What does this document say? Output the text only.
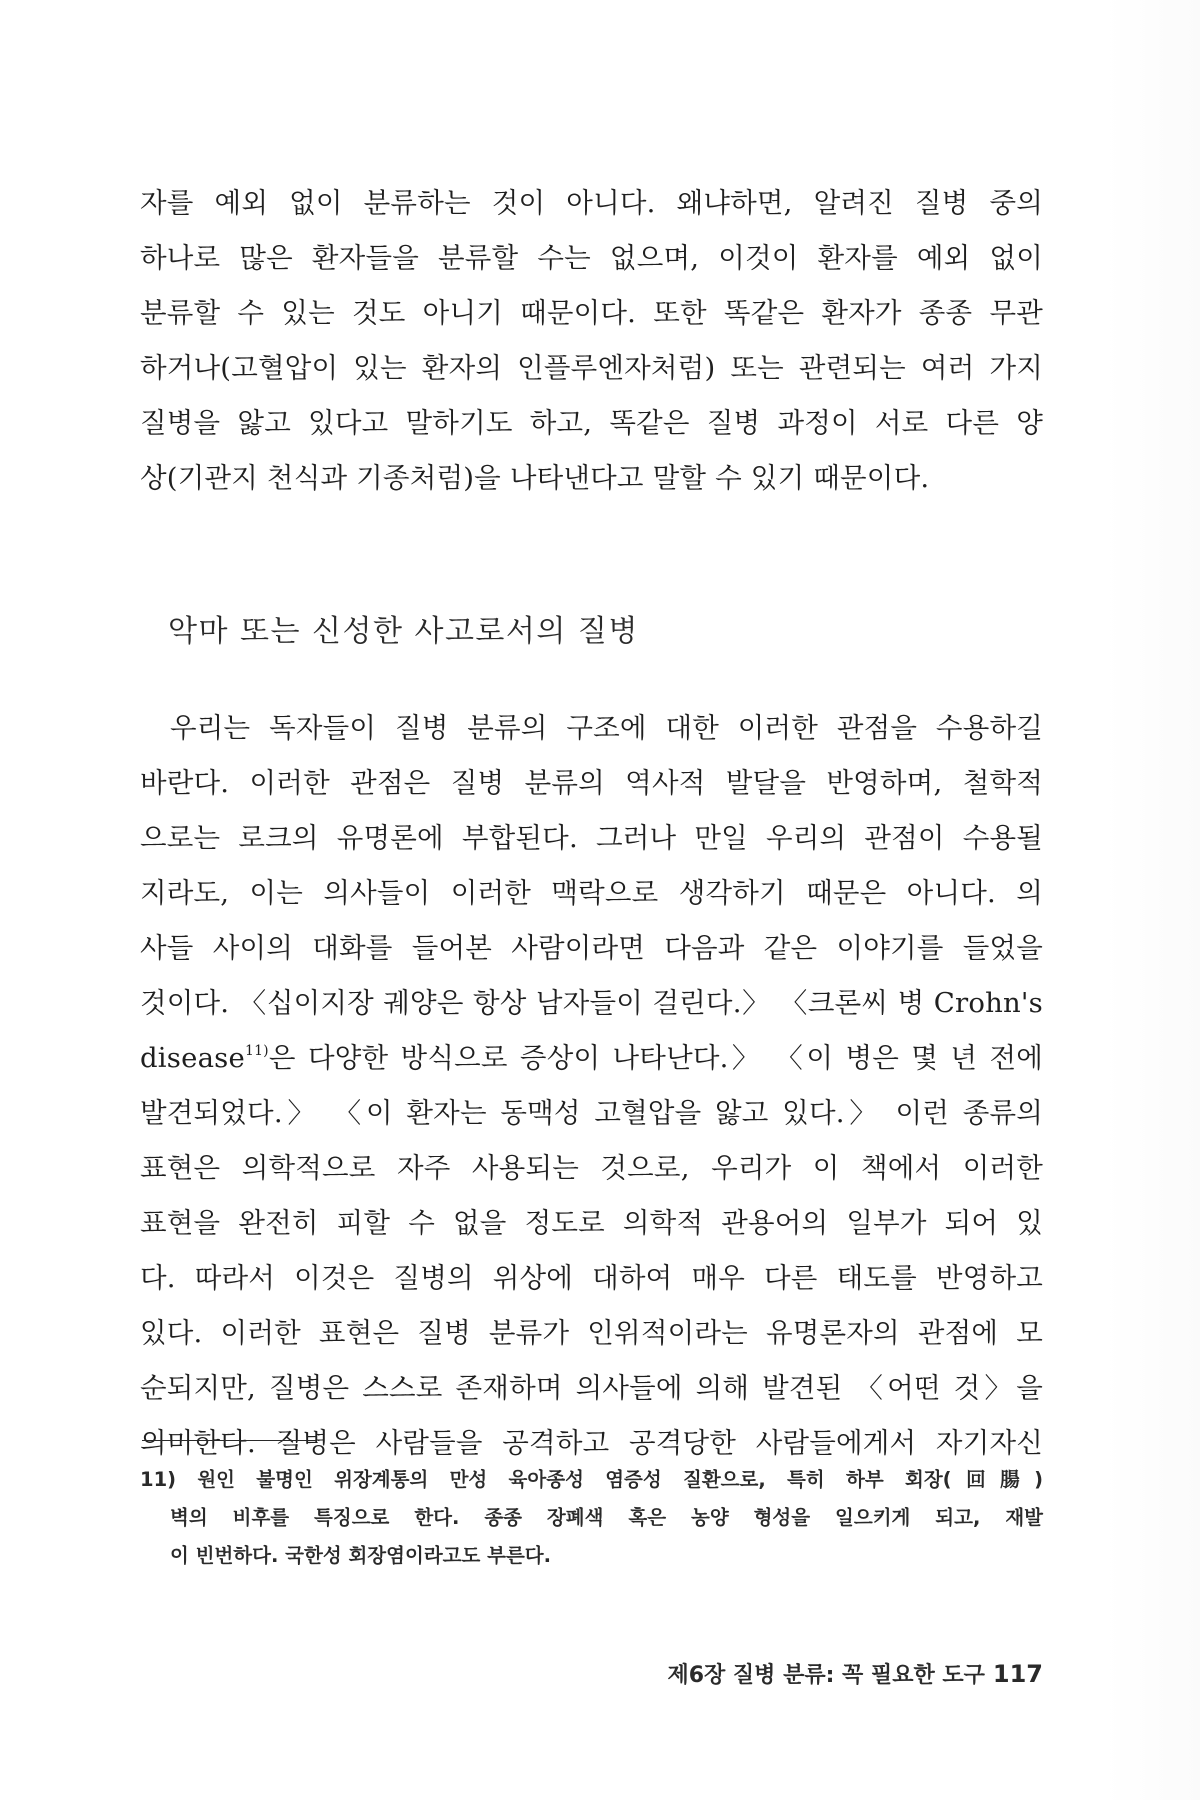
자를 예외 없이 분류하는 것이 아니다. 왜냐하면, 알려진 질병 중의
하나로 많은 환자들을 분류할 수는 없으며, 이것이 환자를 예외 없이
분류할 수 있는 것도 아니기 때문이다. 또한 똑같은 환자가 종종 무관
하거나(고혈압이 있는 환자의 인플루엔자처럼) 또는 관련되는 여러 가지
질병을 앓고 있다고 말하기도 하고, 똑같은 질병 과정이 서로 다른 양
상(기관지 천식과 기종처럼)을 나타낸다고 말할 수 있기 때문이다.
악마 또는 신성한 사고로서의 질병
우리는 독자들이 질병 분류의 구조에 대한 이러한 관점을 수용하길
바란다. 이러한 관점은 질병 분류의 역사적 발달을 반영하며, 철학적
으로는 로크의 유명론에 부합된다. 그러나 만일 우리의 관점이 수용될
지라도, 이는 의사들이 이러한 맥락으로 생각하기 때문은 아니다. 의
사들 사이의 대화를 들어본 사람이라면 다음과 같은 이야기를 들었을
것이다. 〈십이지장 궤양은 항상 남자들이 걸린다.〉 〈크론씨 병 Crohn's
disease$^{11)}$은 다양한 방식으로 증상이 나타난다.〉 〈이 병은 몇 년 전에
발견되었다.〉 〈이 환자는 동맥성 고혈압을 앓고 있다.〉 이런 종류의
표현은 의학적으로 자주 사용되는 것으로, 우리가 이 책에서 이러한
표현을 완전히 피할 수 없을 정도로 의학적 관용어의 일부가 되어 있
다. 따라서 이것은 질병의 위상에 대하여 매우 다른 태도를 반영하고
있다. 이러한 표현은 질병 분류가 인위적이라는 유명론자의 관점에 모
순되지만, 질병은 스스로 존재하며 의사들에 의해 발견된 〈어떤 것〉을
의미한다. 질병은 사람들을 공격하고 공격당한 사람들에게서 자기자신
11) 원인 불명인 위장계통의 만성 육아종성 염증성 질환으로, 특히 하부 회장(回腸)
벽의 비후를 특징으로 한다. 종종 장폐색 혹은 농양 형성을 일으키게 되고, 재발
이 빈번하다. 국한성 회장염이라고도 부른다.
제6장 질병 분류: 꼭 필요한 도구 117
